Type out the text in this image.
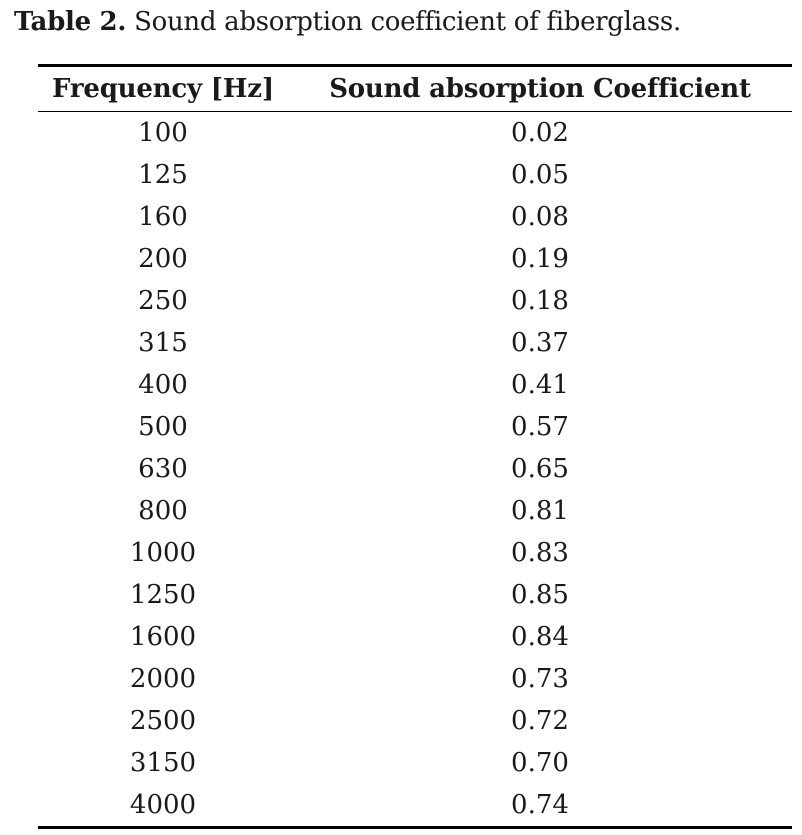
Table 2. Sound absorption coefficient of fiberglass.
Frequency [Hz]	Sound absorption Coefficient
100	0.02
125	0.05
160	0.08
200	0.19
250	0.18
315	0.37
400	0.41
500	0.57
630	0.65
800	0.81
1000	0.83
1250	0.85
1600	0.84
2000	0.73
2500	0.72
3150	0.70
4000	0.74
